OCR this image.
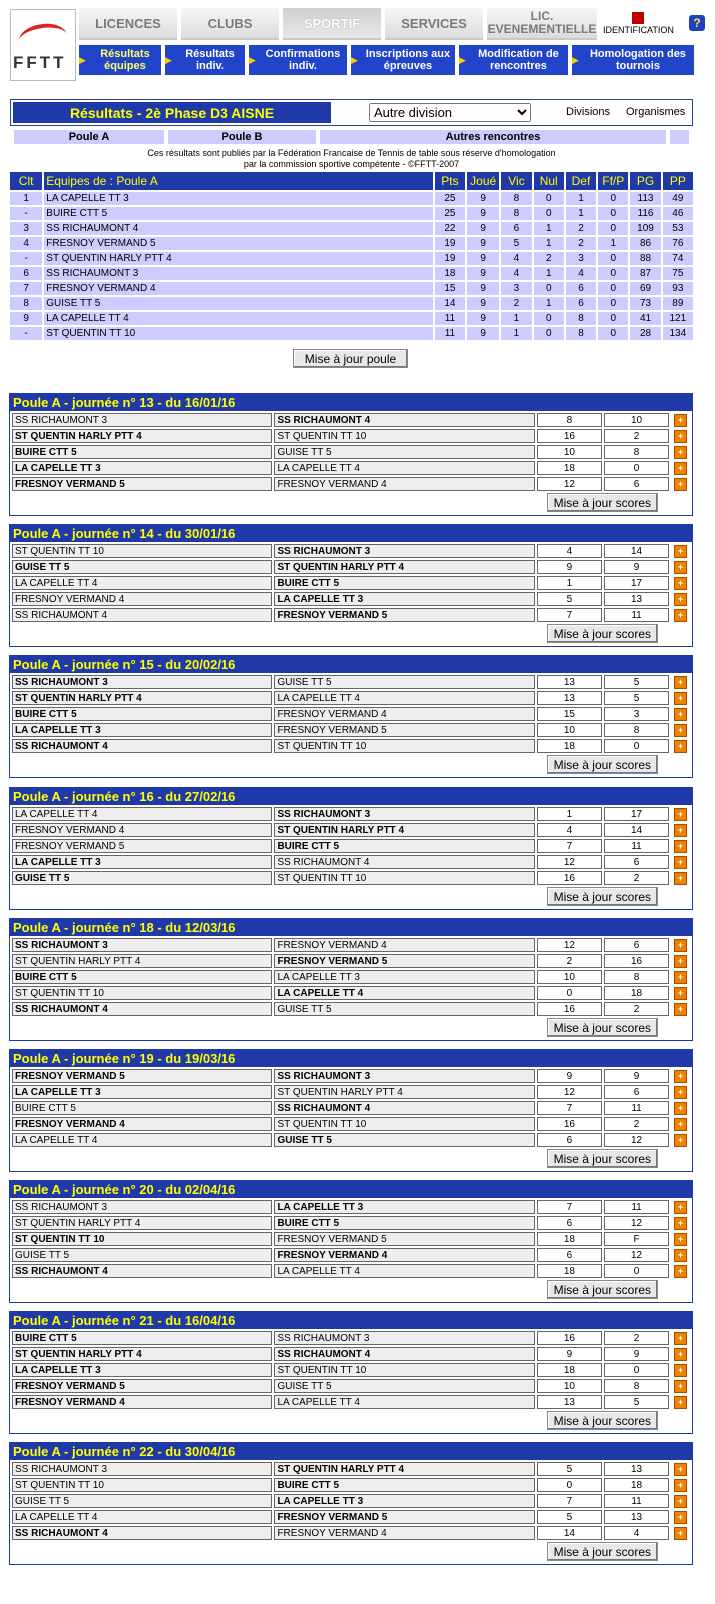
FFTT
LICENCES	CLUBS	SPORTIF	SERVICES	LIC. EVENEMENTIELLE IDENTIFICATION	?
▶	Résultats équipes	▶	Résultats indiv.	▶ Confirmations indiv.	▶ Inscriptions aux épreuves	▶	Modification de rencontres	▶	Homologation des tournois
Résultats - 2è Phase D3 AISNE
Autre division	Divisions Organismes
Poule A	Poule B	Autres rencontres
Ces résultats sont publiés par la Fédération Francaise de Tennis de table sous réserve d'homologation
par la commission sportive compétente - ©FFTT-2007
Clt	Equipes de : Poule A	Pts	Joué	Vic	Nul	Def	Ff/P	PG	PP
1	LA CAPELLE TT 3	25	9	8	0	1	0	113	49
-	BUIRE CTT 5	25	9	8	0	1	0	116	46
3	SS RICHAUMONT 4	22	9	6	1	2	0	109	53
4	FRESNOY VERMAND 5	19	9	5	1	2	1	86	76
-	ST QUENTIN HARLY PTT 4	19	9	4	2	3	0	88	74
6	SS RICHAUMONT 3	18	9	4	1	4	0	87	75
7	FRESNOY VERMAND 4	15	9	3	0	6	0	69	93
8	GUISE TT 5	14	9	2	1	6	0	73	89
9	LA CAPELLE TT 4	11	9	1	0	8	0	41	121
-	ST QUENTIN TT 10	11	9	1	0	8	0	28	134
Mise à jour poule
Poule A - journée n° 13 - du 16/01/16
SS RICHAUMONT 3	SS RICHAUMONT 4	8	10	+
ST QUENTIN HARLY PTT 4	ST QUENTIN TT 10	16	2	+
BUIRE CTT 5	GUISE TT 5	10	8	+
LA CAPELLE TT 3	LA CAPELLE TT 4	18	0	+
FRESNOY VERMAND 5	FRESNOY VERMAND 4	12	6	+
Mise à jour scores
Poule A - journée n° 14 - du 30/01/16
ST QUENTIN TT 10	SS RICHAUMONT 3	4	14	+
GUISE TT 5	ST QUENTIN HARLY PTT 4	9	9	+
LA CAPELLE TT 4	BUIRE CTT 5	1	17	+
FRESNOY VERMAND 4	LA CAPELLE TT 3	5	13	+
SS RICHAUMONT 4	FRESNOY VERMAND 5	7	11	+
Mise à jour scores
Poule A - journée n° 15 - du 20/02/16
SS RICHAUMONT 3	GUISE TT 5	13	5	+
ST QUENTIN HARLY PTT 4	LA CAPELLE TT 4	13	5	+
BUIRE CTT 5	FRESNOY VERMAND 4	15	3	+
LA CAPELLE TT 3	FRESNOY VERMAND 5	10	8	+
SS RICHAUMONT 4	ST QUENTIN TT 10	18	0	+
Mise à jour scores
Poule A - journée n° 16 - du 27/02/16
LA CAPELLE TT 4	SS RICHAUMONT 3	1	17	+
FRESNOY VERMAND 4	ST QUENTIN HARLY PTT 4	4	14	+
FRESNOY VERMAND 5	BUIRE CTT 5	7	11	+
LA CAPELLE TT 3	SS RICHAUMONT 4	12	6	+
GUISE TT 5	ST QUENTIN TT 10	16	2	+
Mise à jour scores
Poule A - journée n° 18 - du 12/03/16
SS RICHAUMONT 3	FRESNOY VERMAND 4	12	6	+
ST QUENTIN HARLY PTT 4	FRESNOY VERMAND 5	2	16	+
BUIRE CTT 5	LA CAPELLE TT 3	10	8	+
ST QUENTIN TT 10	LA CAPELLE TT 4	0	18	+
SS RICHAUMONT 4	GUISE TT 5	16	2	+
Mise à jour scores
Poule A - journée n° 19 - du 19/03/16
FRESNOY VERMAND 5	SS RICHAUMONT 3	9	9	+
LA CAPELLE TT 3	ST QUENTIN HARLY PTT 4	12	6	+
BUIRE CTT 5	SS RICHAUMONT 4	7	11	+
FRESNOY VERMAND 4	ST QUENTIN TT 10	16	2	+
LA CAPELLE TT 4	GUISE TT 5	6	12	+
Mise à jour scores
Poule A - journée n° 20 - du 02/04/16
SS RICHAUMONT 3	LA CAPELLE TT 3	7	11	+
ST QUENTIN HARLY PTT 4	BUIRE CTT 5	6	12	+
ST QUENTIN TT 10	FRESNOY VERMAND 5	18	F	+
GUISE TT 5	FRESNOY VERMAND 4	6	12	+
SS RICHAUMONT 4	LA CAPELLE TT 4	18	0	+
Mise à jour scores
Poule A - journée n° 21 - du 16/04/16
BUIRE CTT 5	SS RICHAUMONT 3	16	2	+
ST QUENTIN HARLY PTT 4	SS RICHAUMONT 4	9	9	+
LA CAPELLE TT 3	ST QUENTIN TT 10	18	0	+
FRESNOY VERMAND 5	GUISE TT 5	10	8	+
FRESNOY VERMAND 4	LA CAPELLE TT 4	13	5	+
Mise à jour scores
Poule A - journée n° 22 - du 30/04/16
SS RICHAUMONT 3	ST QUENTIN HARLY PTT 4	5	13	+
ST QUENTIN TT 10	BUIRE CTT 5	0	18	+
GUISE TT 5	LA CAPELLE TT 3	7	11	+
LA CAPELLE TT 4	FRESNOY VERMAND 5	5	13	+
SS RICHAUMONT 4	FRESNOY VERMAND 4	14	4	+
Mise à jour scores
